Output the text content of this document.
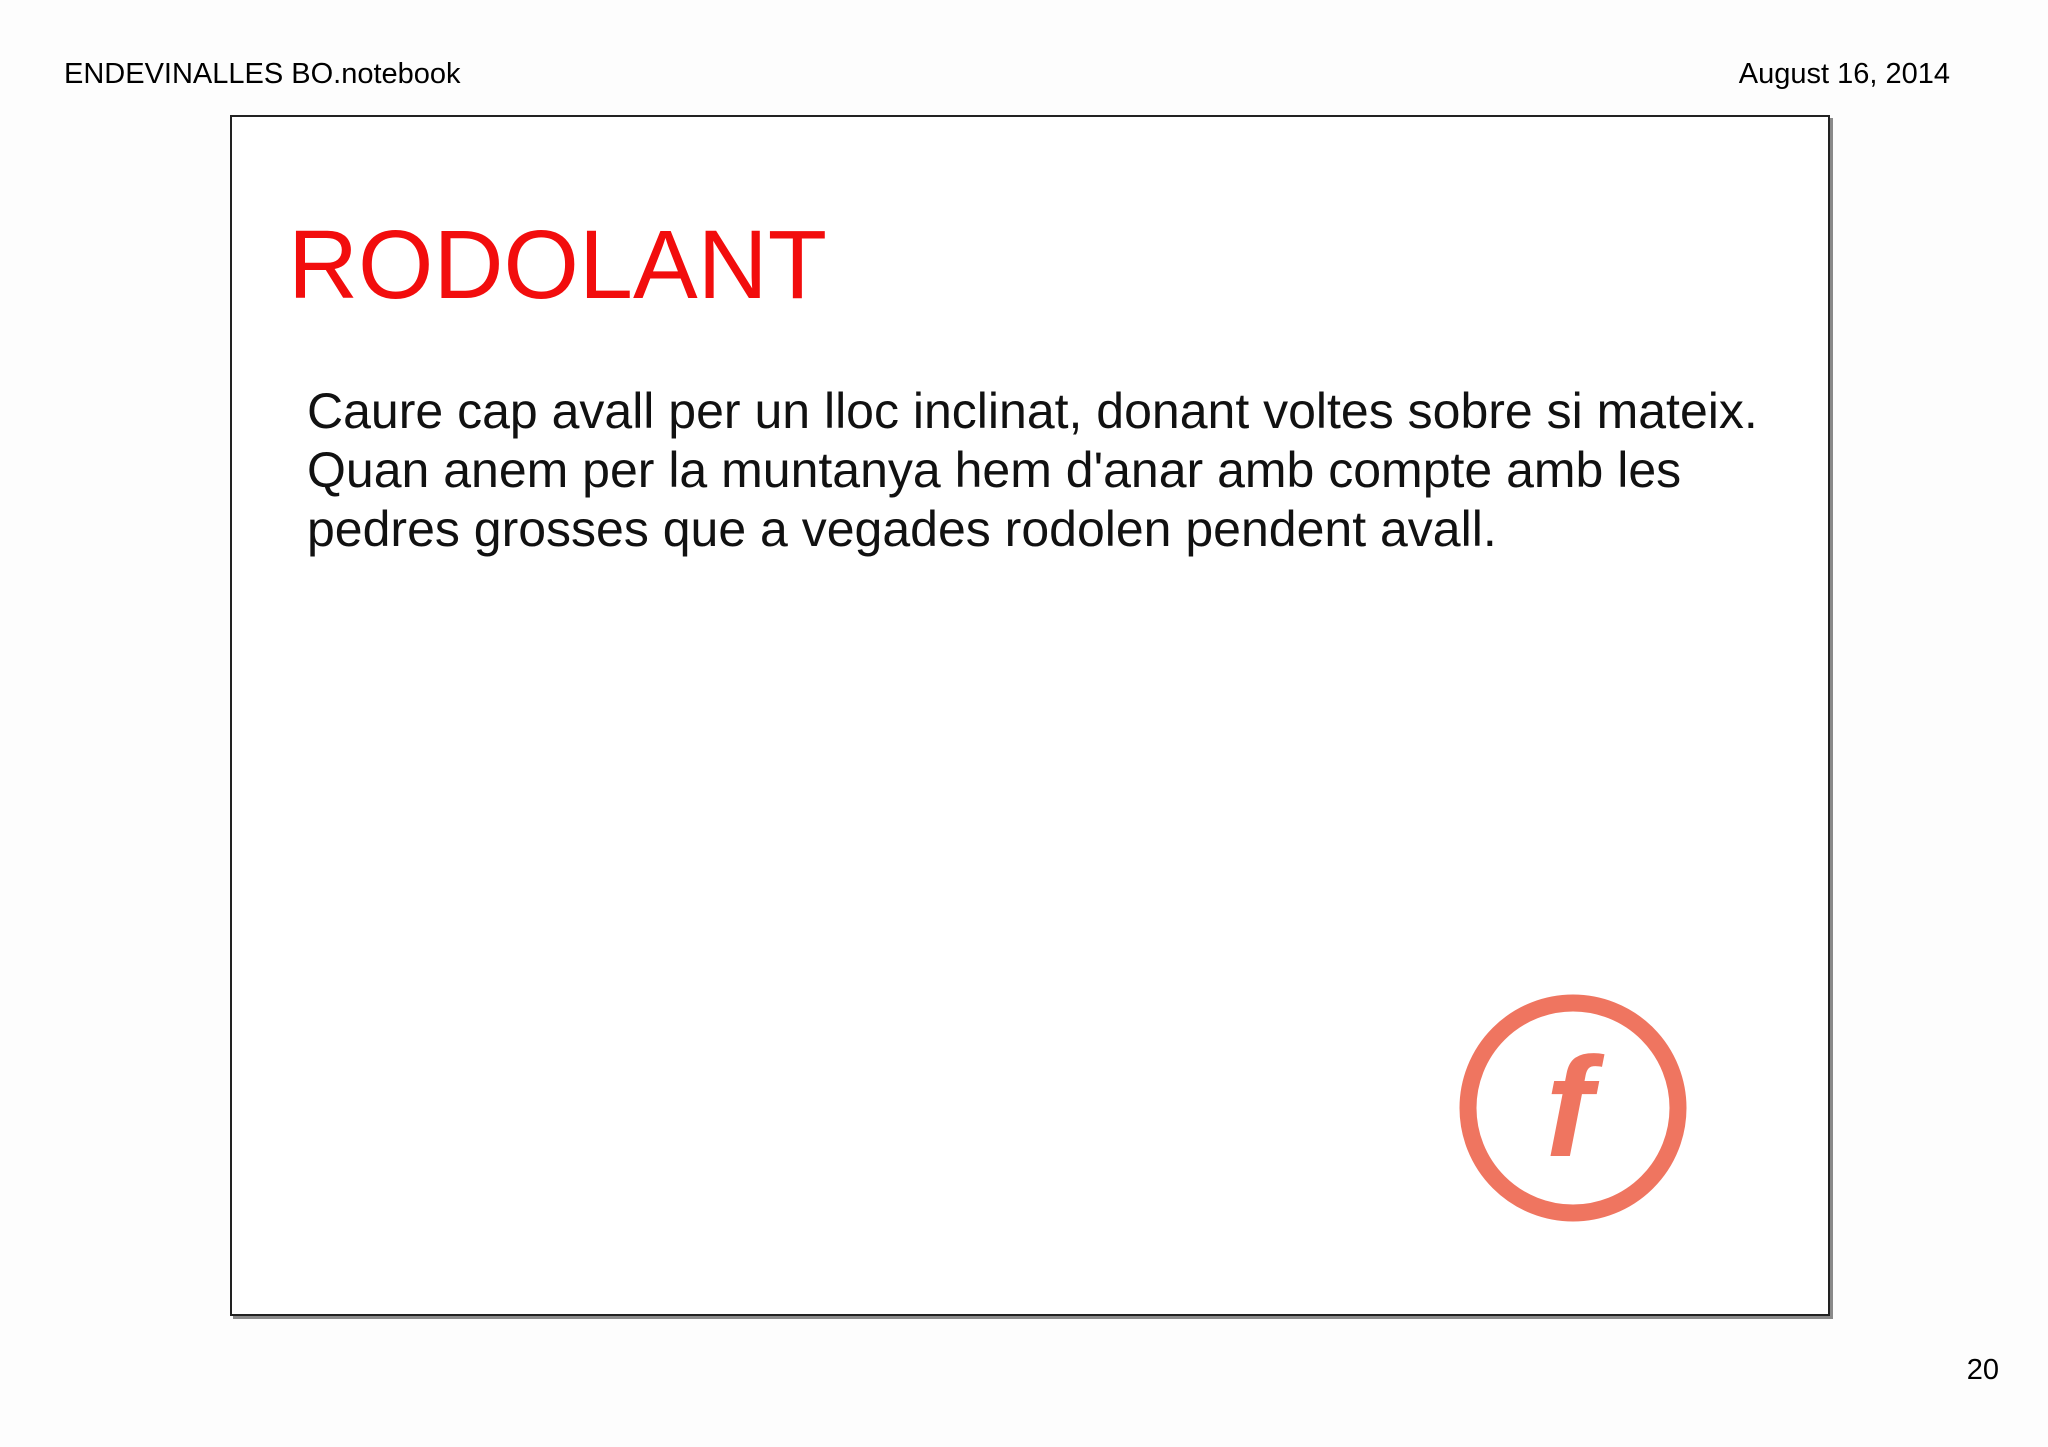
ENDEVINALLES BO.notebook	August 16, 2014
RODOLANT

Caure cap avall per un lloc inclinat, donant voltes sobre si mateix. Quan anem per la muntanya hem d'anar amb compte amb les pedres grosses que a vegades rodolen pendent avall.

f
20
